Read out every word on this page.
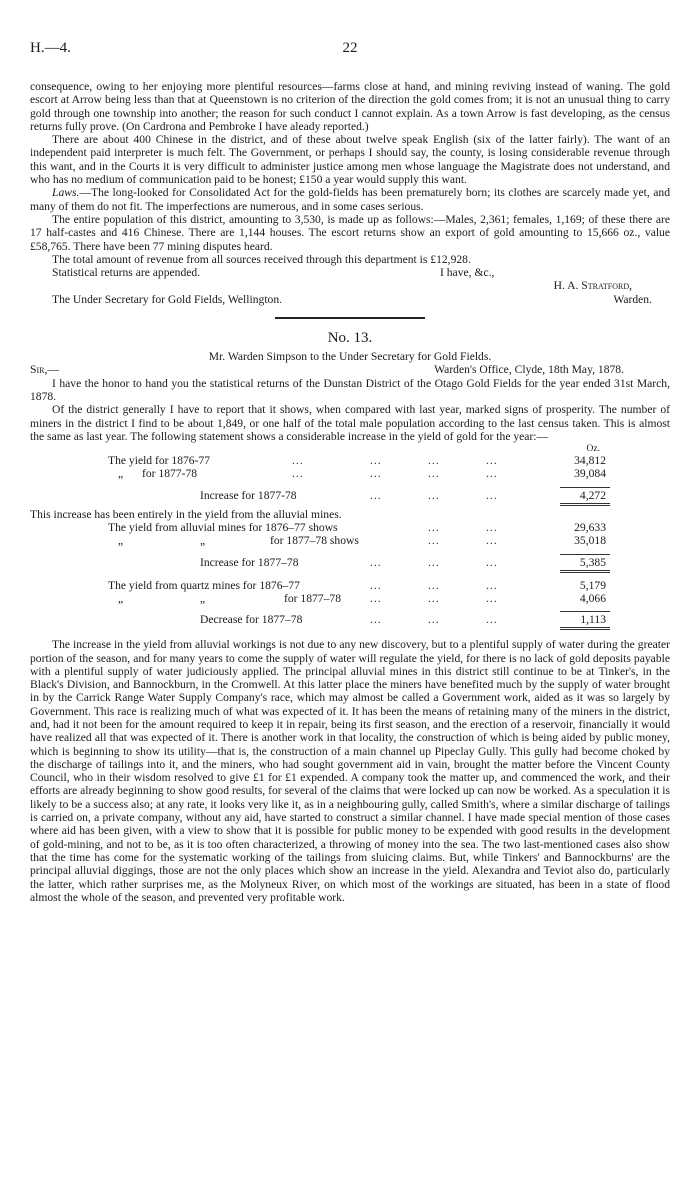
H.—4.	22

consequence, owing to her enjoying more plentiful resources—farms close at hand, and mining reviving instead of waning. The gold escort at Arrow being less than that at Queenstown is no criterion of the direction the gold comes from; it is not an unusual thing to carry gold through one township into another; the reason for such conduct I cannot explain. As a town Arrow is fast developing, as the census returns fully prove. (On Cardrona and Pembroke I have aleady reported.)

There are about 400 Chinese in the district, and of these about twelve speak English (six of the latter fairly). The want of an independent paid interpreter is much felt. The Government, or perhaps I should say, the county, is losing considerable revenue through this want, and in the Courts it is very difficult to administer justice among men whose language the Magistrate does not understand, and who has no medium of communication paid to be honest; £150 a year would supply this want.

Laws.—The long-looked for Consolidated Act for the gold-fields has been prematurely born; its clothes are scarcely made yet, and many of them do not fit. The imperfections are numerous, and in some cases serious.

The entire population of this district, amounting to 3,530, is made up as follows:—Males, 2,361; females, 1,169; of these there are 17 half-castes and 416 Chinese. There are 1,144 houses. The escort returns show an export of gold amounting to 15,666 oz., value £58,765. There have been 77 mining disputes heard.

The total amount of revenue from all sources received through this department is £12,928.

Statistical returns are appended.	I have, &c.,
H. A. Stratford,
The Under Secretary for Gold Fields, Wellington.	Warden.
No. 13.

Mr. Warden Simpson to the Under Secretary for Gold Fields.

Sir,—	Warden's Office, Clyde, 18th May, 1878.

I have the honor to hand you the statistical returns of the Dunstan District of the Otago Gold Fields for the year ended 31st March, 1878.

Of the district generally I have to report that it shows, when compared with last year, marked signs of prosperity. The number of miners in the district I find to be about 1,849, or one half of the total male population according to the last census taken. This is almost the same as last year. The following statement shows a considerable increase in the yield of gold for the year:—

Oz.
The yield for 1876-77	...	...	...	...	34,812
„ for 1877-78	...	...	...	...	39,084
Increase for 1877-78	...	...	...	4,272

This increase has been entirely in the yield from the alluvial mines.

The yield from alluvial mines for 1876–77 shows	...	...	29,633
„	„	for 1877–78 shows	...	...	35,018
Increase for 1877–78	...	...	...	5,385
The yield from quartz mines for 1876–77	...	...	...	5,179
„	„	for 1877–78	...	...	...	4,066
Decrease for 1877–78	...	...	...	1,113

The increase in the yield from alluvial workings is not due to any new discovery, but to a plentiful supply of water during the greater portion of the season, and for many years to come the supply of water will regulate the yield, for there is no lack of gold deposits payable with a plentiful supply of water judiciously applied. The principal alluvial mines in this district still continue to be at Tinker's, in the Black's Division, and Bannockburn, in the Cromwell. At this latter place the miners have benefited much by the supply of water brought in by the Carrick Range Water Supply Company's race, which may almost be called a Government work, aided as it was so largely by Government. This race is realizing much of what was expected of it. It has been the means of retaining many of the miners in the district, and, had it not been for the amount required to keep it in repair, being its first season, and the erection of a reservoir, financially it would have realized all that was expected of it. There is another work in that locality, the construction of which is being aided by public money, which is beginning to show its utility—that is, the construction of a main channel up Pipeclay Gully. This gully had become choked by the discharge of tailings into it, and the miners, who had sought government aid in vain, brought the matter before the Vincent County Council, who in their wisdom resolved to give £1 for £1 expended. A company took the matter up, and commenced the work, and their efforts are already beginning to show good results, for several of the claims that were locked up can now be worked. As a speculation it is likely to be a success also; at any rate, it looks very like it, as in a neighbouring gully, called Smith's, where a similar discharge of tailings is carried on, a private company, without any aid, have started to construct a similar channel. I have made special mention of those cases where aid has been given, with a view to show that it is possible for public money to be expended with good results in the development of gold-mining, and not to be, as it is too often characterized, a throwing of money into the sea. The two last-mentioned cases also show that the time has come for the systematic working of the tailings from sluicing claims. But, while Tinkers' and Bannockburns' are the principal alluvial diggings, those are not the only places which show an increase in the yield. Alexandra and Teviot also do, particularly the latter, which rather surprises me, as the Molyneux River, on which most of the workings are situated, has been in a state of flood almost the whole of the season, and prevented very profitable work.
